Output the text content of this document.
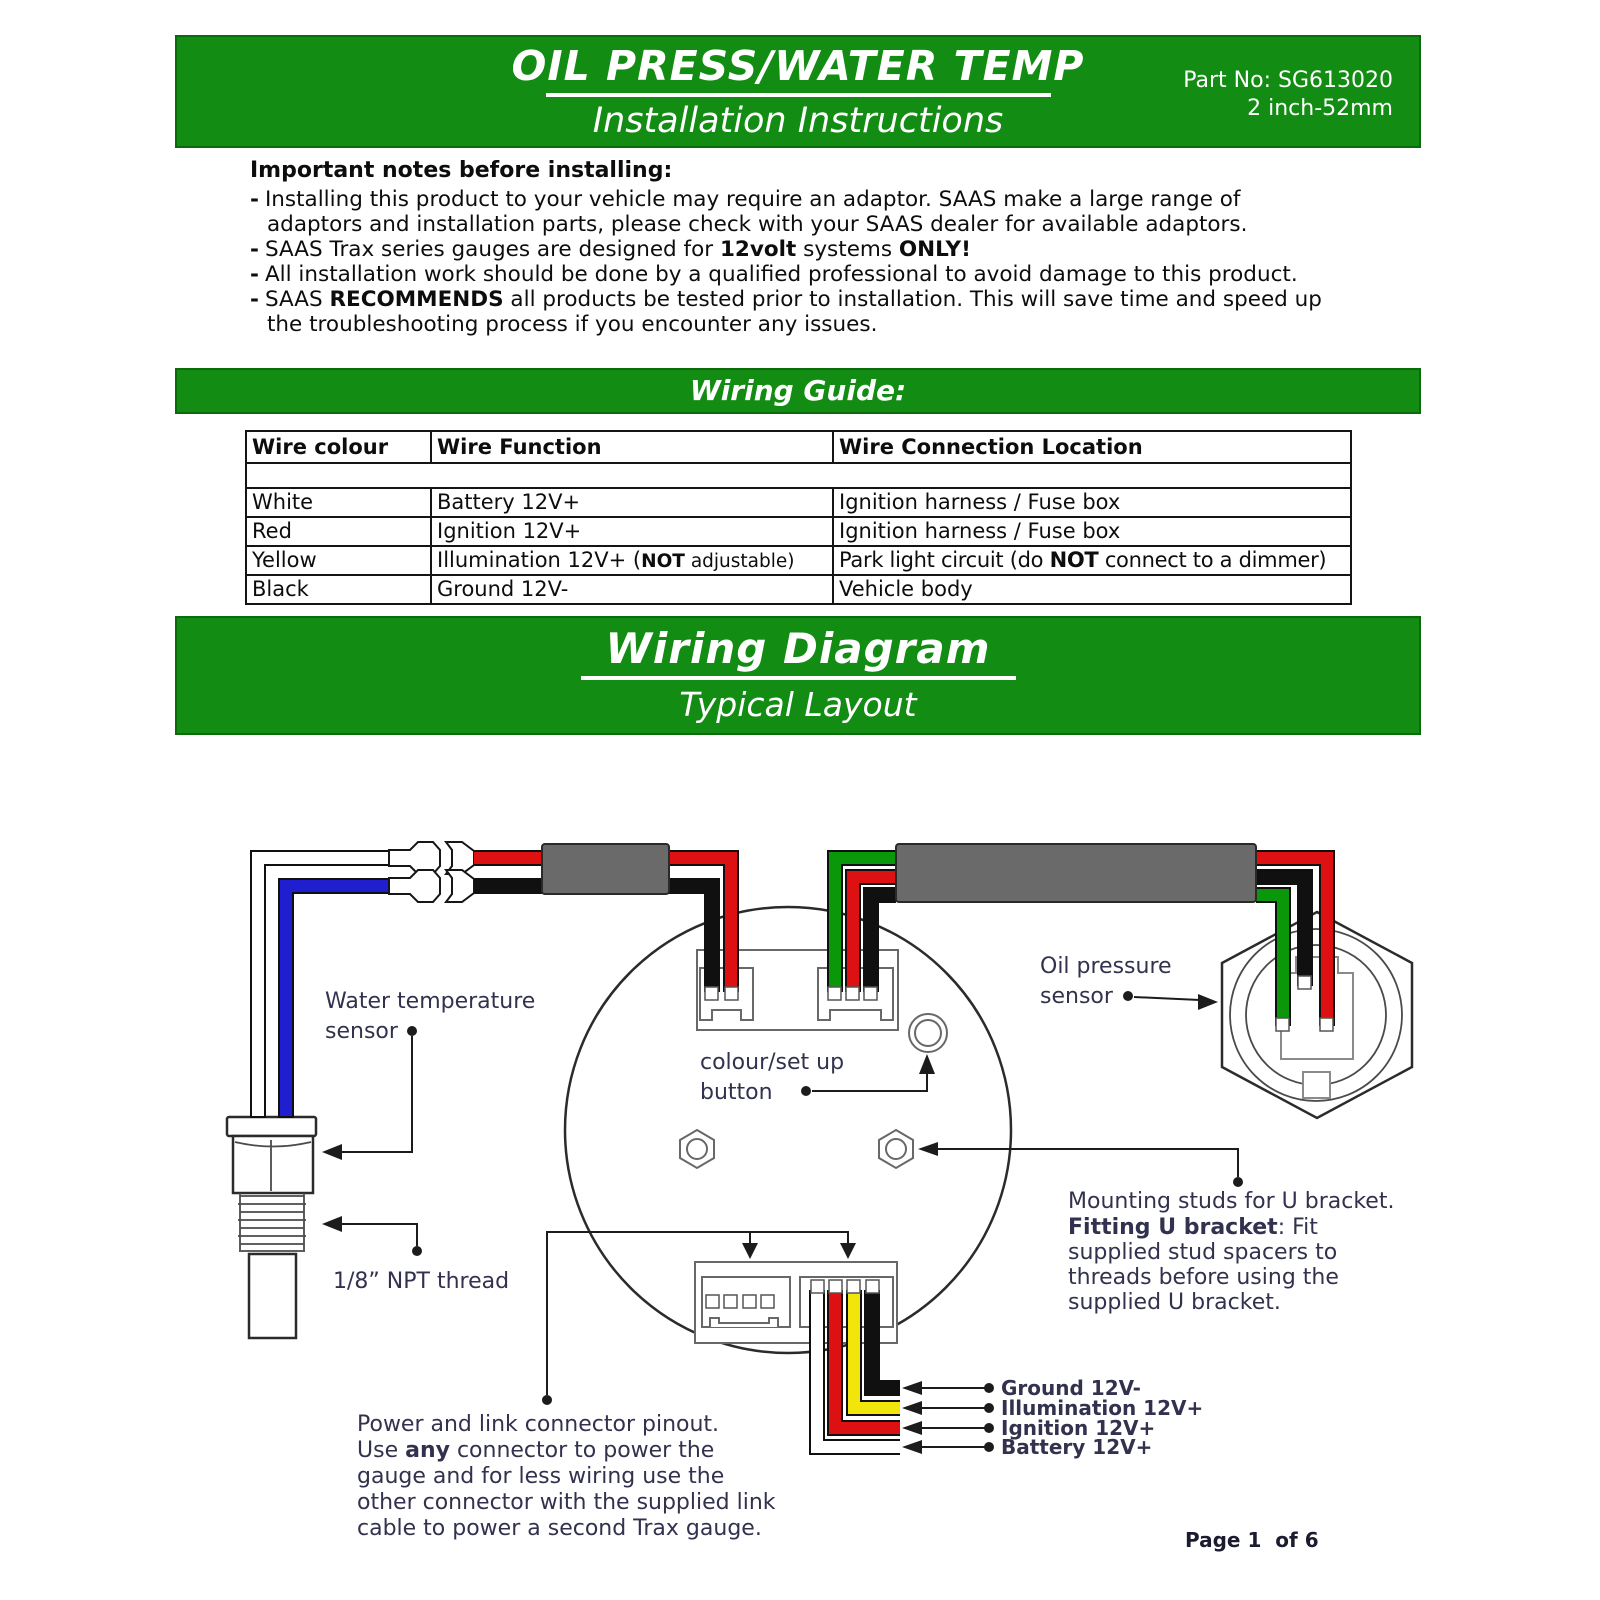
OIL PRESS/WATER TEMP
Installation Instructions
Part No: SG613020
2 inch-52mm
Important notes before installing:
- Installing this product to your vehicle may require an adaptor. SAAS make a large range of
adaptors and installation parts, please check with your SAAS dealer for available adaptors.
- SAAS Trax series gauges are designed for 12volt systems ONLY!
- All installation work should be done by a qualified professional to avoid damage to this product.
- SAAS RECOMMENDS all products be tested prior to installation. This will save time and speed up
the troubleshooting process if you encounter any issues.
Wiring Guide:
Wire colour	Wire Function	Wire Connection Location

White	Battery 12V+	Ignition harness / Fuse box
Red	Ignition 12V+	Ignition harness / Fuse box
Yellow	Illumination 12V+ (NOT adjustable)	Park light circuit (do NOT connect to a dimmer)
Black	Ground 12V-	Vehicle body
Wiring Diagram
Typical Layout
Ground 12V-
Illumination 12V+
Ignition 12V+
Battery 12V+
Water temperature
sensor
1/8” NPT thread
colour/set up
button
Oil pressure
sensor
Mounting studs for U bracket.
Fitting U bracket: Fit
supplied stud spacers to
threads before using the
supplied U bracket.
Power and link connector pinout.
Use any connector to power the
gauge and for less wiring use the
other connector with the supplied link
cable to power a second Trax gauge.	Page 1  of 6
